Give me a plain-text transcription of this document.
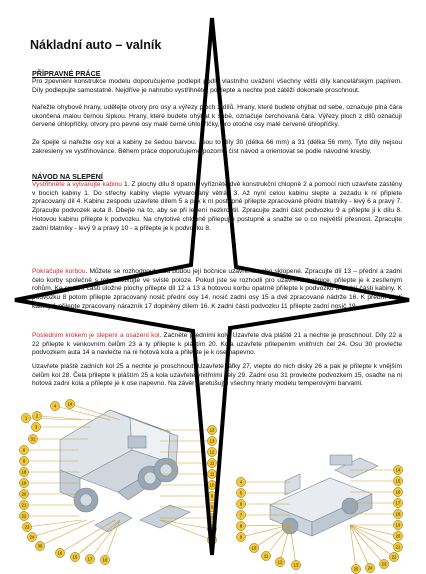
Nákladní auto – valník
PŘÍPRAVNÉ PRÁCE

Pro zpevnění konstrukce modelu doporučujeme podlepit podle vlastního uvážení všechny větší díly kancelářským papírem. Díly podlepujte samostatně. Nejdříve je nahrubo vystřihněte, podlepte a nechte pod zátěží dokonale proschnout.

Nařežte ohybové hrany, udělejte otvory pro osy a výřezy ploch z dílů. Hrany, které budete ohýbat od sebe, označuje plná čára ukončená malou černou šipkou. Hrany, které budete ohýbat k sobě, označuje čerchovaná čára. Výřezy ploch z dílů označují červené úhlopříčky, otvory pro pevné osy malé černé úhlopříčky, pro otočné osy malé červené úhlopříčky.

Ze špejle si nařežte osy kol a kabiny ze šedou barvou. Jsou to díly 30 (délka 66 mm) a 31 (délka 56 mm). Tyto díly nejsou zakresleny ve vystřihovánce. Během práce doporučujeme pozorně číst návod a orientovat se podle návodné kresby.

NÁVOD NA SLEPENÍ

Vystřihněte a vytvarujte kabinu 1. Z plochy dílu 8 opatrně vyřízněte dvě konstrukční chlopně 2 a pomocí nich uzavřete zástěny v bocích kabiny 1. Do střechy kabiny vlepte vytvarovaný větrák 3. Až nyní celou kabinu slepte a zezadu k ní připlete zpracovaný díl 4. Kabinu zespodu uzavřete dílem 5 a pak k ní postupně přilepte zpracované přední blatníky - levý 6 a pravý 7. Zpracujte podvozek auta 8. Dbejte na to, aby se při lepení nezkroutil. Zpracujte zadní část podvozku 9 a přilepte ji k dílu 8. Hotovou kabinu přilepte k podvozku. Na chytotivé chlopně přilepujte postupně a snažte se o co největší přesnost. Zpracujte zadní blatníky - levý 9 a pravý 10 - a přilepte je k podvozku 8.

Pokračujte korbou. Můžete se rozhodnout, zda budou její bočnice uzavřené nebo sklopené. Zpracujte díl 13 – přední a zadní čelo korby společně s rohy zafixujte ve svislé poloze. Pokud jste se rozhodli pro uzavřené bočnice, přilepte je k zesíleným rohům. Ke spodní části úložné plochy přilepte díl 12 a 13 a hotovou korbu opatrně přilepte k podvozku a zadní části kabiny. K podvozku 8 potom přilepte zpracovaný nosič přední osy 14, nosič zadní osy 15 a dvě zpracované nádrže 16. K přední části kabiny 1 přilepte zpracovaný nárazník 17 doplněný dílem 16. K zadní části podvozku 11 přilepte zadní nosič 19.

Posledním krokem je slepení a osazení kol. Začněte předními koly. Uzavřete dva pláště 21 a nechte je proschnout. Díly 22 a 22 přilepte k venkovním čelům 23 a ty přilepte k pláštím 20. Kola uzavřete přilepením vnitřních čel 24. Osu 30 provlečte podvozkem auta 14 a navlečte na ni hotová kola a přilepte je k ose napevno.

Uzavřete pláště zadních kol 25 a nechte je proschnout. Uzavřete ráfky 27, vlepte do nich disky 26 a pak je přilepte k vnějším čelům kol 28. Čela přilepte k pláštím 25 a kola uzavřete vnitřními čely 29. Zadní osu 31 provlečte podvozkem 15, osaďte na ni hotová zadní kola a přilepte je k ose napevno. Na závěr zaretušujte všechny hrany modelu temperovými barvami.

1 2
3
31
6
8
18
19
20
21
22
23
24
30
13
13
12
11
11
10
9
8
7
5
4
4	14
16
15 17 18
4
5
6
7
8
9
10
11
12
13
14
15
16
17
18
19
20
21
22
23
24
25
